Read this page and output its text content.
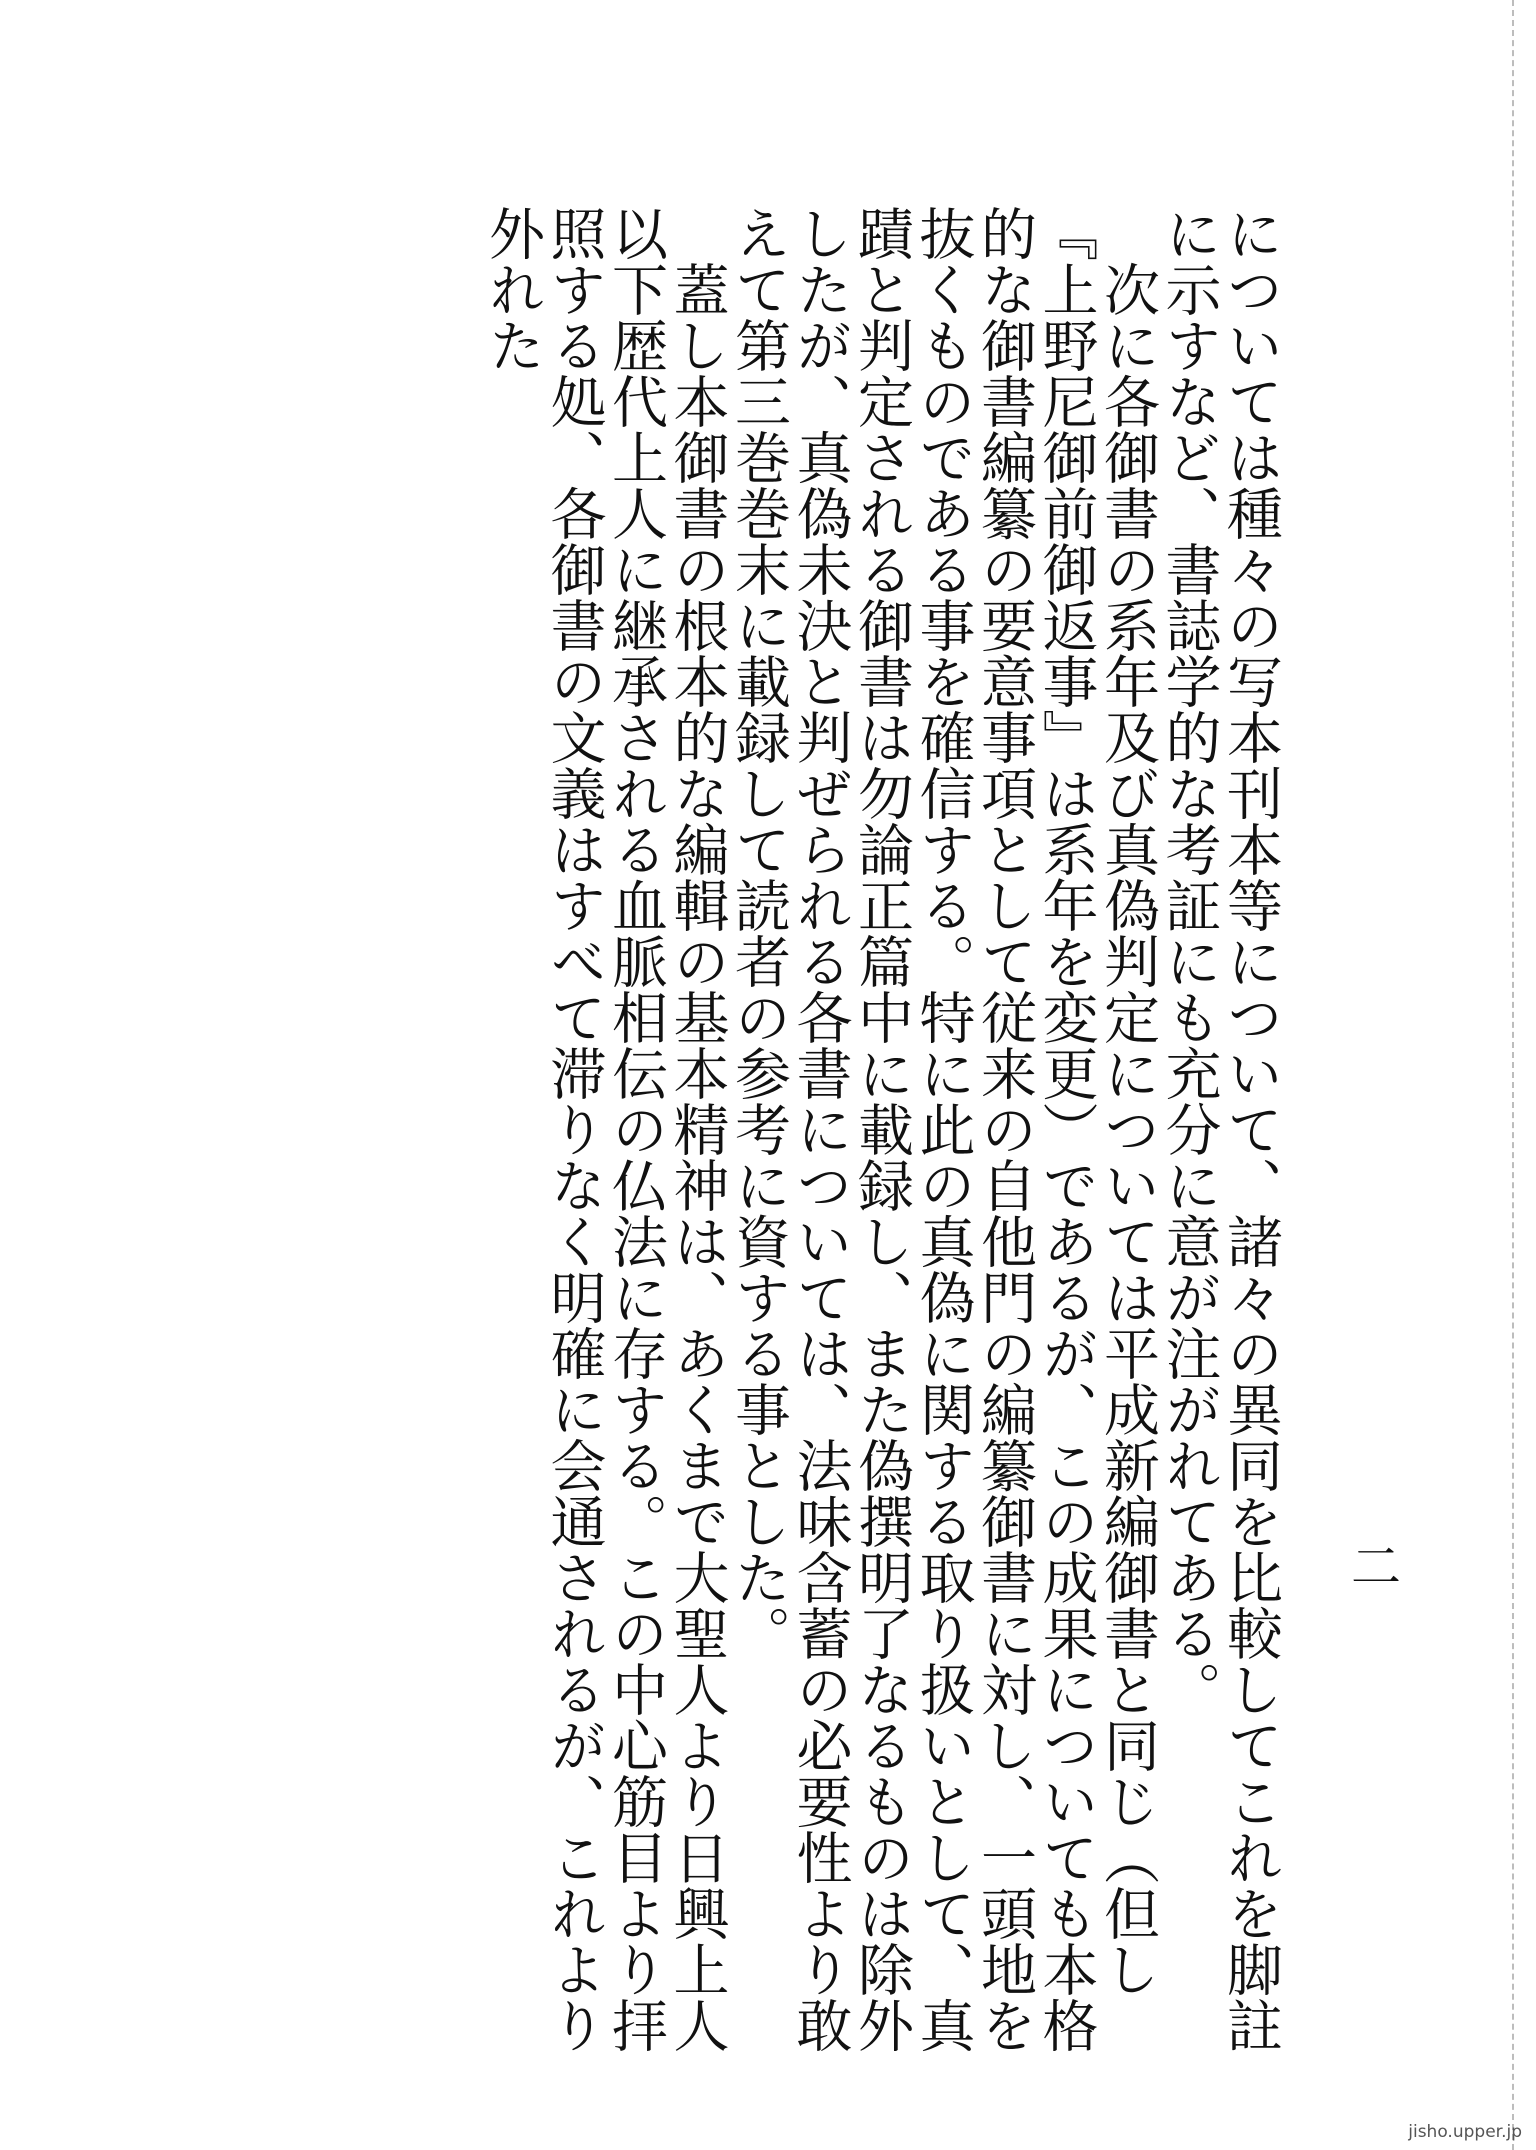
については種々の写本刊本等について、諸々の異同を比較してこれを脚註に示すなど、書誌学的な考証にも充分に意が注がれてある。

次に各御書の系年及び真偽判定については平成新編御書と同じ（但し『上野尼御前御返事』は系年を変更）であるが、この成果についても本格的な御書編纂の要意事項として従来の自他門の編纂御書に対し、一頭地を抜くものである事を確信する。特に此の真偽に関する取り扱いとして、真蹟と判定される御書は勿論正篇中に載録し、また偽撰明了なるものは除外したが、真偽未決と判ぜられる各書については、法味含蓄の必要性より敢えて第三巻巻末に載録して読者の参考に資する事とした。

蓋し本御書の根本的な編輯の基本精神は、あくまで大聖人より日興上人以下歴代上人に継承される血脈相伝の仏法に存する。この中心筋目より拝照する処、各御書の文義はすべて滞りなく明確に会通されるが、これより外れた

二
jisho.upper.jp
